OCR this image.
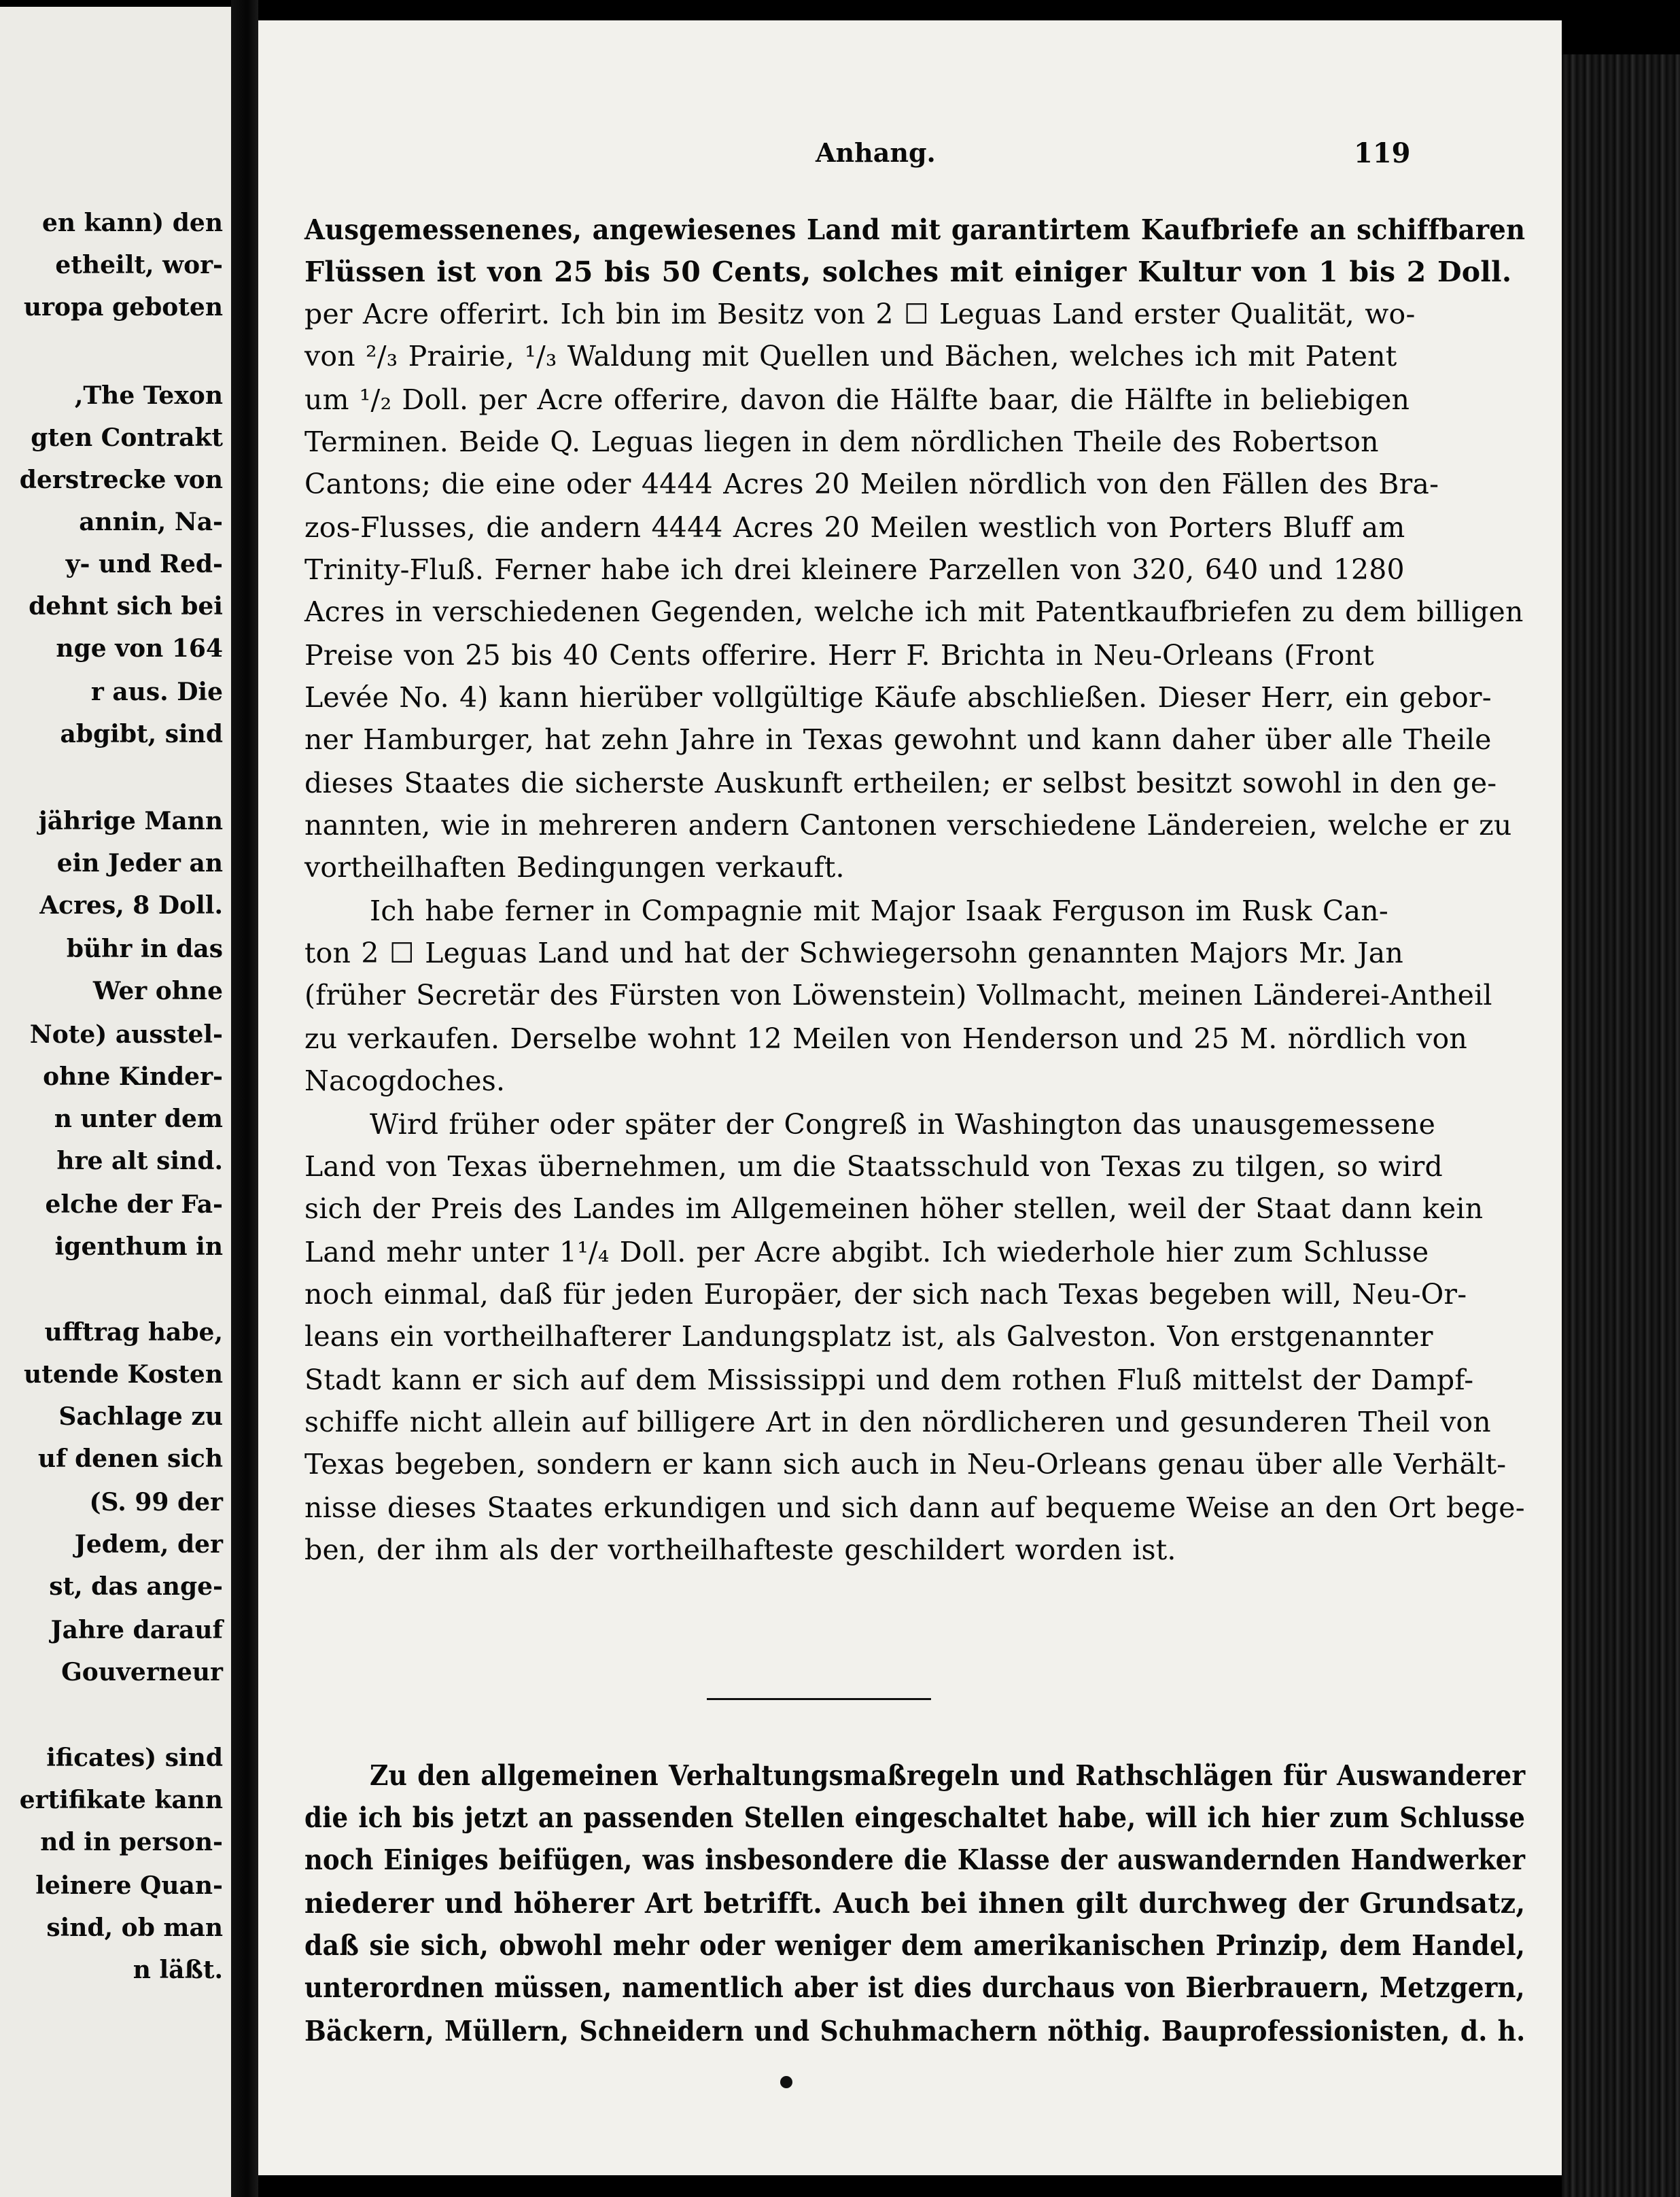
en kann) den
etheilt, wor-
uropa geboten
,The Texon
gten Contrakt
derstrecke von
annin, Na-
y- und Red-
dehnt sich bei
nge von 164
r aus. Die
abgibt, sind
jährige Mann
ein Jeder an
Acres, 8 Doll.
bühr in das
Wer ohne
Note) ausstel-
ohne Kinder-
n unter dem
hre alt sind.
elche der Fa-
igenthum in
ufftrag habe,
utende Kosten
Sachlage zu
uf denen sich
(S. 99 der
Jedem, der
st, das ange-
Jahre darauf
Gouverneur
ificates) sind
ertifikate kann
nd in person-
leinere Quan-
sind, ob man
n läßt.
Anhang.	119
Ausgemessenenes, angewiesenes Land mit garantirtem Kaufbriefe an schiffbaren
Flüssen ist von 25 bis 50 Cents, solches mit einiger Kultur von 1 bis 2 Doll.
per Acre offerirt. Ich bin im Besitz von 2 ☐ Leguas Land erster Qualität, wo-
von ²/₃ Prairie, ¹/₃ Waldung mit Quellen und Bächen, welches ich mit Patent
um ¹/₂ Doll. per Acre offerire, davon die Hälfte baar, die Hälfte in beliebigen
Terminen. Beide Q. Leguas liegen in dem nördlichen Theile des Robertson
Cantons; die eine oder 4444 Acres 20 Meilen nördlich von den Fällen des Bra-
zos-Flusses, die andern 4444 Acres 20 Meilen westlich von Porters Bluff am
Trinity-Fluß. Ferner habe ich drei kleinere Parzellen von 320, 640 und 1280
Acres in verschiedenen Gegenden, welche ich mit Patentkaufbriefen zu dem billigen
Preise von 25 bis 40 Cents offerire. Herr F. Brichta in Neu-Orleans (Front
Levée No. 4) kann hierüber vollgültige Käufe abschließen. Dieser Herr, ein gebor-
ner Hamburger, hat zehn Jahre in Texas gewohnt und kann daher über alle Theile
dieses Staates die sicherste Auskunft ertheilen; er selbst besitzt sowohl in den ge-
nannten, wie in mehreren andern Cantonen verschiedene Ländereien, welche er zu
vortheilhaften Bedingungen verkauft.
Ich habe ferner in Compagnie mit Major Isaak Ferguson im Rusk Can-
ton 2 ☐ Leguas Land und hat der Schwiegersohn genannten Majors Mr. Jan
(früher Secretär des Fürsten von Löwenstein) Vollmacht, meinen Länderei-Antheil
zu verkaufen. Derselbe wohnt 12 Meilen von Henderson und 25 M. nördlich von
Nacogdoches.
Wird früher oder später der Congreß in Washington das unausgemessene
Land von Texas übernehmen, um die Staatsschuld von Texas zu tilgen, so wird
sich der Preis des Landes im Allgemeinen höher stellen, weil der Staat dann kein
Land mehr unter 1¹/₄ Doll. per Acre abgibt. Ich wiederhole hier zum Schlusse
noch einmal, daß für jeden Europäer, der sich nach Texas begeben will, Neu-Or-
leans ein vortheilhafterer Landungsplatz ist, als Galveston. Von erstgenannter
Stadt kann er sich auf dem Mississippi und dem rothen Fluß mittelst der Dampf-
schiffe nicht allein auf billigere Art in den nördlicheren und gesunderen Theil von
Texas begeben, sondern er kann sich auch in Neu-Orleans genau über alle Verhält-
nisse dieses Staates erkundigen und sich dann auf bequeme Weise an den Ort bege-
ben, der ihm als der vortheilhafteste geschildert worden ist.
Zu den allgemeinen Verhaltungsmaßregeln und Rathschlägen für Auswanderer
die ich bis jetzt an passenden Stellen eingeschaltet habe, will ich hier zum Schlusse
noch Einiges beifügen, was insbesondere die Klasse der auswandernden Handwerker
niederer und höherer Art betrifft. Auch bei ihnen gilt durchweg der Grundsatz,
daß sie sich, obwohl mehr oder weniger dem amerikanischen Prinzip, dem Handel,
unterordnen müssen, namentlich aber ist dies durchaus von Bierbrauern, Metzgern,
Bäckern, Müllern, Schneidern und Schuhmachern nöthig. Bauprofessionisten, d. h.
